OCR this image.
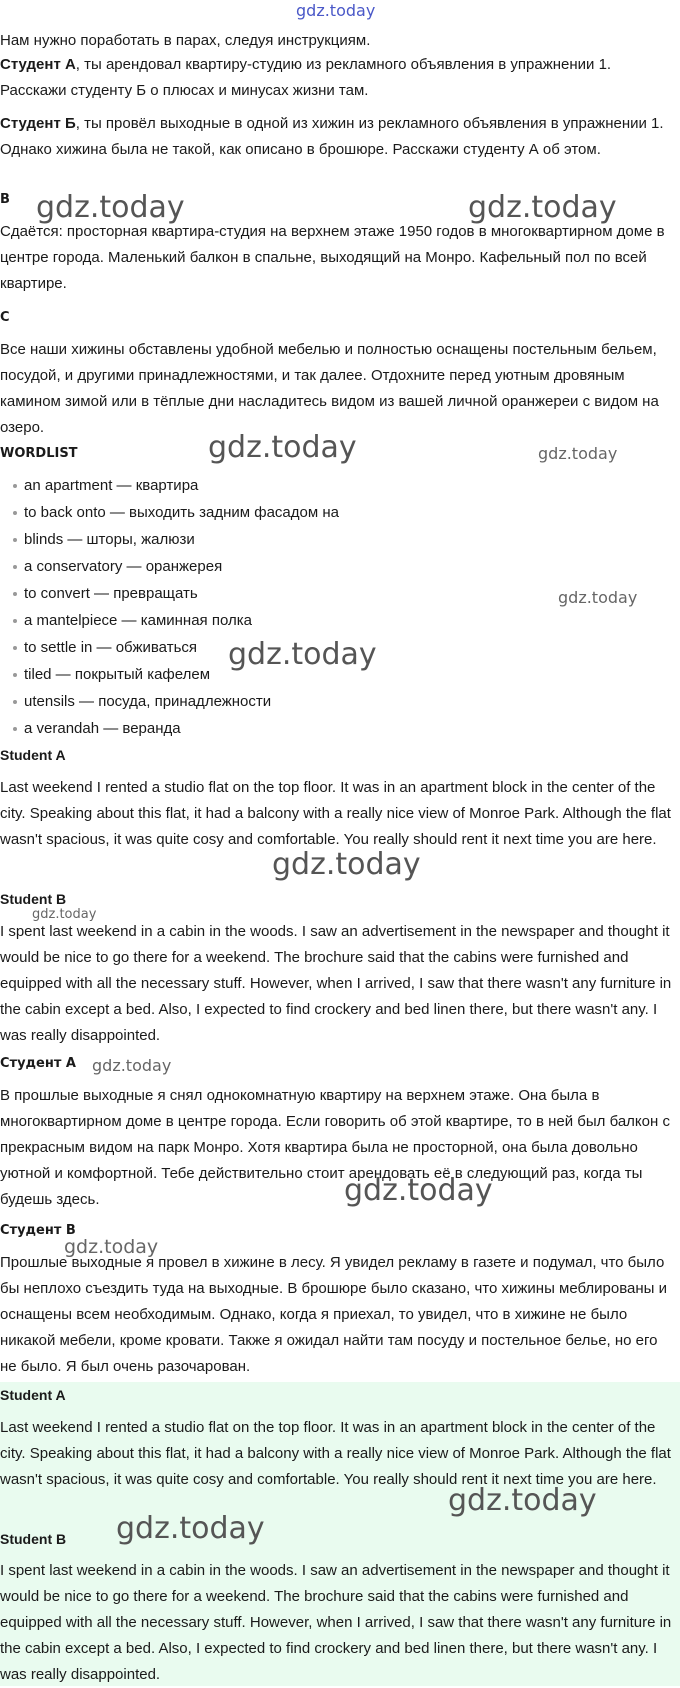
Нам нужно поработать в парах, следуя инструкциям.

Студент А, ты арендовал квартиру-студию из рекламного объявления в упражнении 1. Расскажи студенту Б о плюсах и минусах жизни там.

Студент Б, ты провёл выходные в одной из хижин из рекламного объявления в упражнении 1. Однако хижина была не такой, как описано в брошюре. Расскажи студенту А об этом.

B

Сдаётся: просторная квартира-студия на верхнем этаже 1950 годов в многоквартирном доме в центре города. Маленький балкон в спальне, выходящий на Монро. Кафельный пол по всей квартире.

C

Все наши хижины обставлены удобной мебелью и полностью оснащены постельным бельем, посудой, и другими принадлежностями, и так далее. Отдохните перед уютным дровяным камином зимой или в тёплые дни насладитесь видом из вашей личной оранжереи с видом на озеро.

WORDLIST

an apartment — квартира
to back onto — выходить задним фасадом на
blinds — шторы, жалюзи
a conservatory — оранжерея
to convert — превращать
a mantelpiece — каминная полка
to settle in — обживаться
tiled — покрытый кафелем
utensils — посуда, принадлежности
a verandah — веранда

Student A

Last weekend I rented a studio flat on the top floor. It was in an apartment block in the center of the city. Speaking about this flat, it had a balcony with a really nice view of Monroe Park. Although the flat wasn't spacious, it was quite cosy and comfortable. You really should rent it next time you are here.

Student B

I spent last weekend in a cabin in the woods. I saw an advertisement in the newspaper and thought it would be nice to go there for a weekend. The brochure said that the cabins were furnished and equipped with all the necessary stuff. However, when I arrived, I saw that there wasn't any furniture in the cabin except a bed. Also, I expected to find crockery and bed linen there, but there wasn't any. I was really disappointed.

Студент А

В прошлые выходные я снял однокомнатную квартиру на верхнем этаже. Она была в многоквартирном доме в центре города. Если говорить об этой квартире, то в ней был балкон с прекрасным видом на парк Монро. Хотя квартира была не просторной, она была довольно уютной и комфортной. Тебе действительно стоит арендовать её в следующий раз, когда ты будешь здесь.

Студент В

Прошлые выходные я провел в хижине в лесу. Я увидел рекламу в газете и подумал, что было бы неплохо съездить туда на выходные. В брошюре было сказано, что хижины меблированы и оснащены всем необходимым. Однако, когда я приехал, то увидел, что в хижине не было никакой мебели, кроме кровати. Также я ожидал найти там посуду и постельное белье, но его не было. Я был очень разочарован.

Student A

Last weekend I rented a studio flat on the top floor. It was in an apartment block in the center of the city. Speaking about this flat, it had a balcony with a really nice view of Monroe Park. Although the flat wasn't spacious, it was quite cosy and comfortable. You really should rent it next time you are here.

Student B

I spent last weekend in a cabin in the woods. I saw an advertisement in the newspaper and thought it would be nice to go there for a weekend. The brochure said that the cabins were furnished and equipped with all the necessary stuff. However, when I arrived, I saw that there wasn't any furniture in the cabin except a bed. Also, I expected to find crockery and bed linen there, but there wasn't any. I was really disappointed.

gdz.today
gdz.today	gdz.today
gdz.today	gdz.today
gdz.today
gdz.today
gdz.today
gdz.today
gdz.today
gdz.today
gdz.today
gdz.today
gdz.today
